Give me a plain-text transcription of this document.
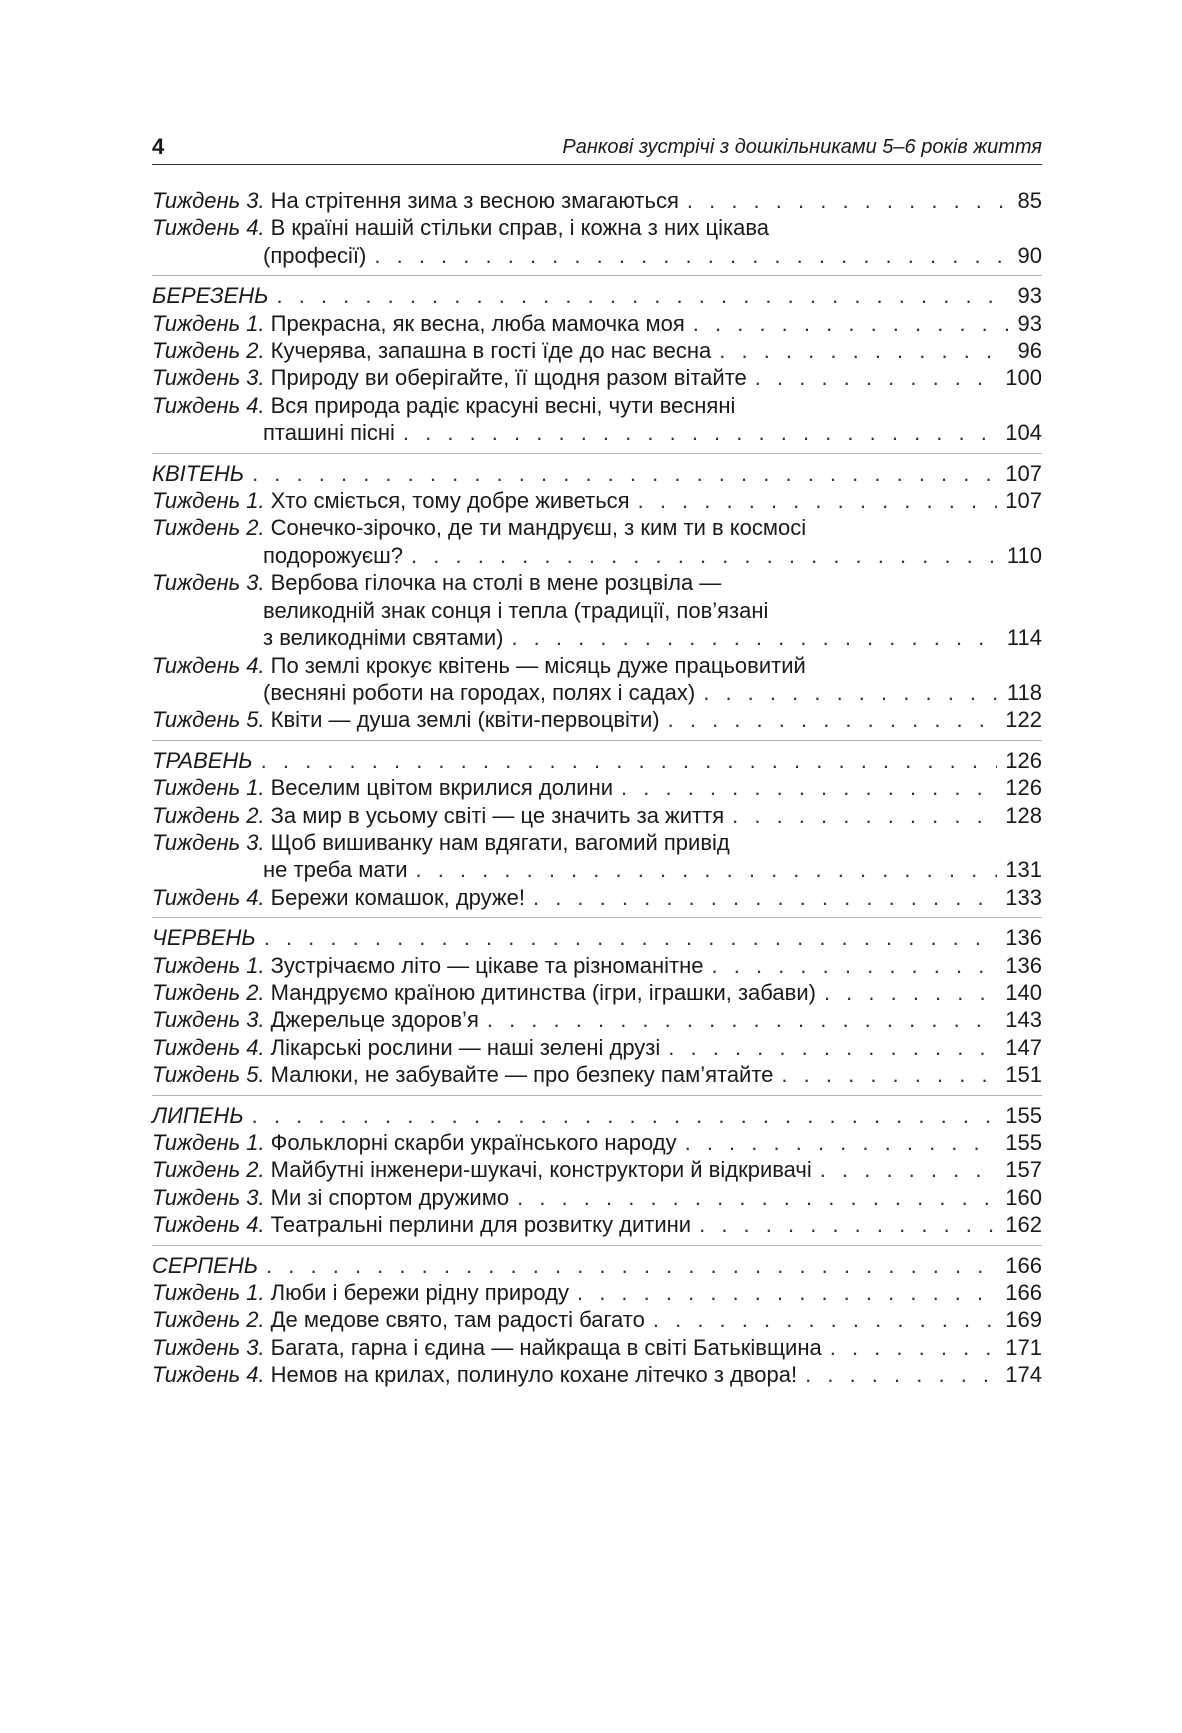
4	Ранкові зустрічі з дошкільниками 5–6 років життя
Тиждень 3. На стрітення зима з весною змагаються . . .	85
Тиждень 4. В країні нашій стільки справ, і кожна з них цікава
(професії) . . .	90
БЕРЕЗЕНЬ . . .	93
Тиждень 1. Прекрасна, як весна, люба мамочка моя . . .	93
Тиждень 2. Кучерява, запашна в гості їде до нас весна . . .	96
Тиждень 3. Природу ви оберігайте, її щодня разом вітайте . . .	100
Тиждень 4. Вся природа радіє красуні весні, чути весняні
пташині пісні . . .	104
КВІТЕНЬ . . .	107
Тиждень 1. Хто сміється, тому добре живеться . . .	107
Тиждень 2. Сонечко-зірочко, де ти мандруєш, з ким ти в космосі
подорожуєш? . . .	110
Тиждень 3. Вербова гілочка на столі в мене розцвіла —
великодній знак сонця і тепла (традиції, пов’язані
з великодніми святами) . . .	114
Тиждень 4. По землі крокує квітень — місяць дуже працьовитий
(весняні роботи на городах, полях і садах) . . .	118
Тиждень 5. Квіти — душа землі (квіти-первоцвіти) . . .	122
ТРАВЕНЬ . . .	126
Тиждень 1. Веселим цвітом вкрилися долини . . .	126
Тиждень 2. За мир в усьому світі — це значить за життя . . .	128
Тиждень 3. Щоб вишиванку нам вдягати, вагомий привід
не треба мати . . .	131
Тиждень 4. Бережи комашок, друже! . . .	133
ЧЕРВЕНЬ . . .	136
Тиждень 1. Зустрічаємо літо — цікаве та різноманітне . . .	136
Тиждень 2. Мандруємо країною дитинства (ігри, іграшки, забави) . . .	140
Тиждень 3. Джерельце здоров’я . . .	143
Тиждень 4. Лікарські рослини — наші зелені друзі . . .	147
Тиждень 5. Малюки, не забувайте — про безпеку пам’ятайте . . .	151
ЛИПЕНЬ . . .	155
Тиждень 1. Фольклорні скарби українського народу . . .	155
Тиждень 2. Майбутні інженери-шукачі, конструктори й відкривачі . . .	157
Тиждень 3. Ми зі спортом дружимо . . .	160
Тиждень 4. Театральні перлини для розвитку дитини . . .	162
СЕРПЕНЬ . . .	166
Тиждень 1. Люби і бережи рідну природу . . .	166
Тиждень 2. Де медове свято, там радості багато . . .	169
Тиждень 3. Багата, гарна і єдина — найкраща в світі Батьківщина . . .	171
Тиждень 4. Немов на крилах, полинуло кохане літечко з двора! . . .	174
